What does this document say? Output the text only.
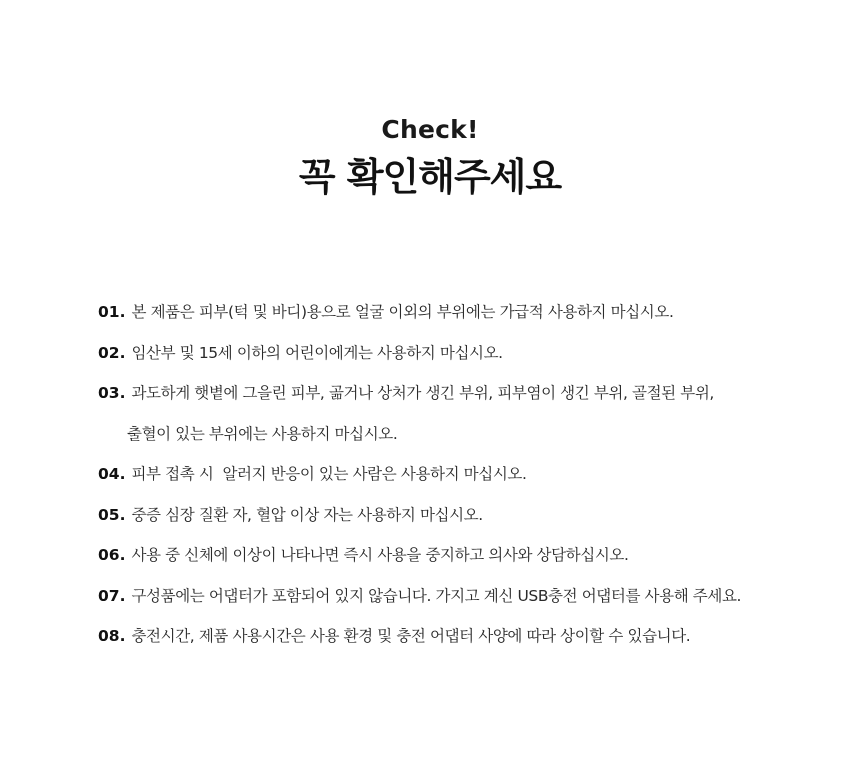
Check!
꼭 확인해주세요
01. 본 제품은 피부(턱 및 바디)용으로 얼굴 이외의 부위에는 가급적 사용하지 마십시오.
02. 임산부 및 15세 이하의 어린이에게는 사용하지 마십시오.
03. 과도하게 햇볕에 그을린 피부, 곪거나 상처가 생긴 부위, 피부염이 생긴 부위, 골절된 부위,
출혈이 있는 부위에는 사용하지 마십시오.
04. 피부 접촉 시  알러지 반응이 있는 사람은 사용하지 마십시오.
05. 중증 심장 질환 자, 혈압 이상 자는 사용하지 마십시오.
06. 사용 중 신체에 이상이 나타나면 즉시 사용을 중지하고 의사와 상담하십시오.
07. 구성품에는 어댑터가 포함되어 있지 않습니다. 가지고 계신 USB충전 어댑터를 사용해 주세요.
08. 충전시간, 제품 사용시간은 사용 환경 및 충전 어댑터 사양에 따라 상이할 수 있습니다.
